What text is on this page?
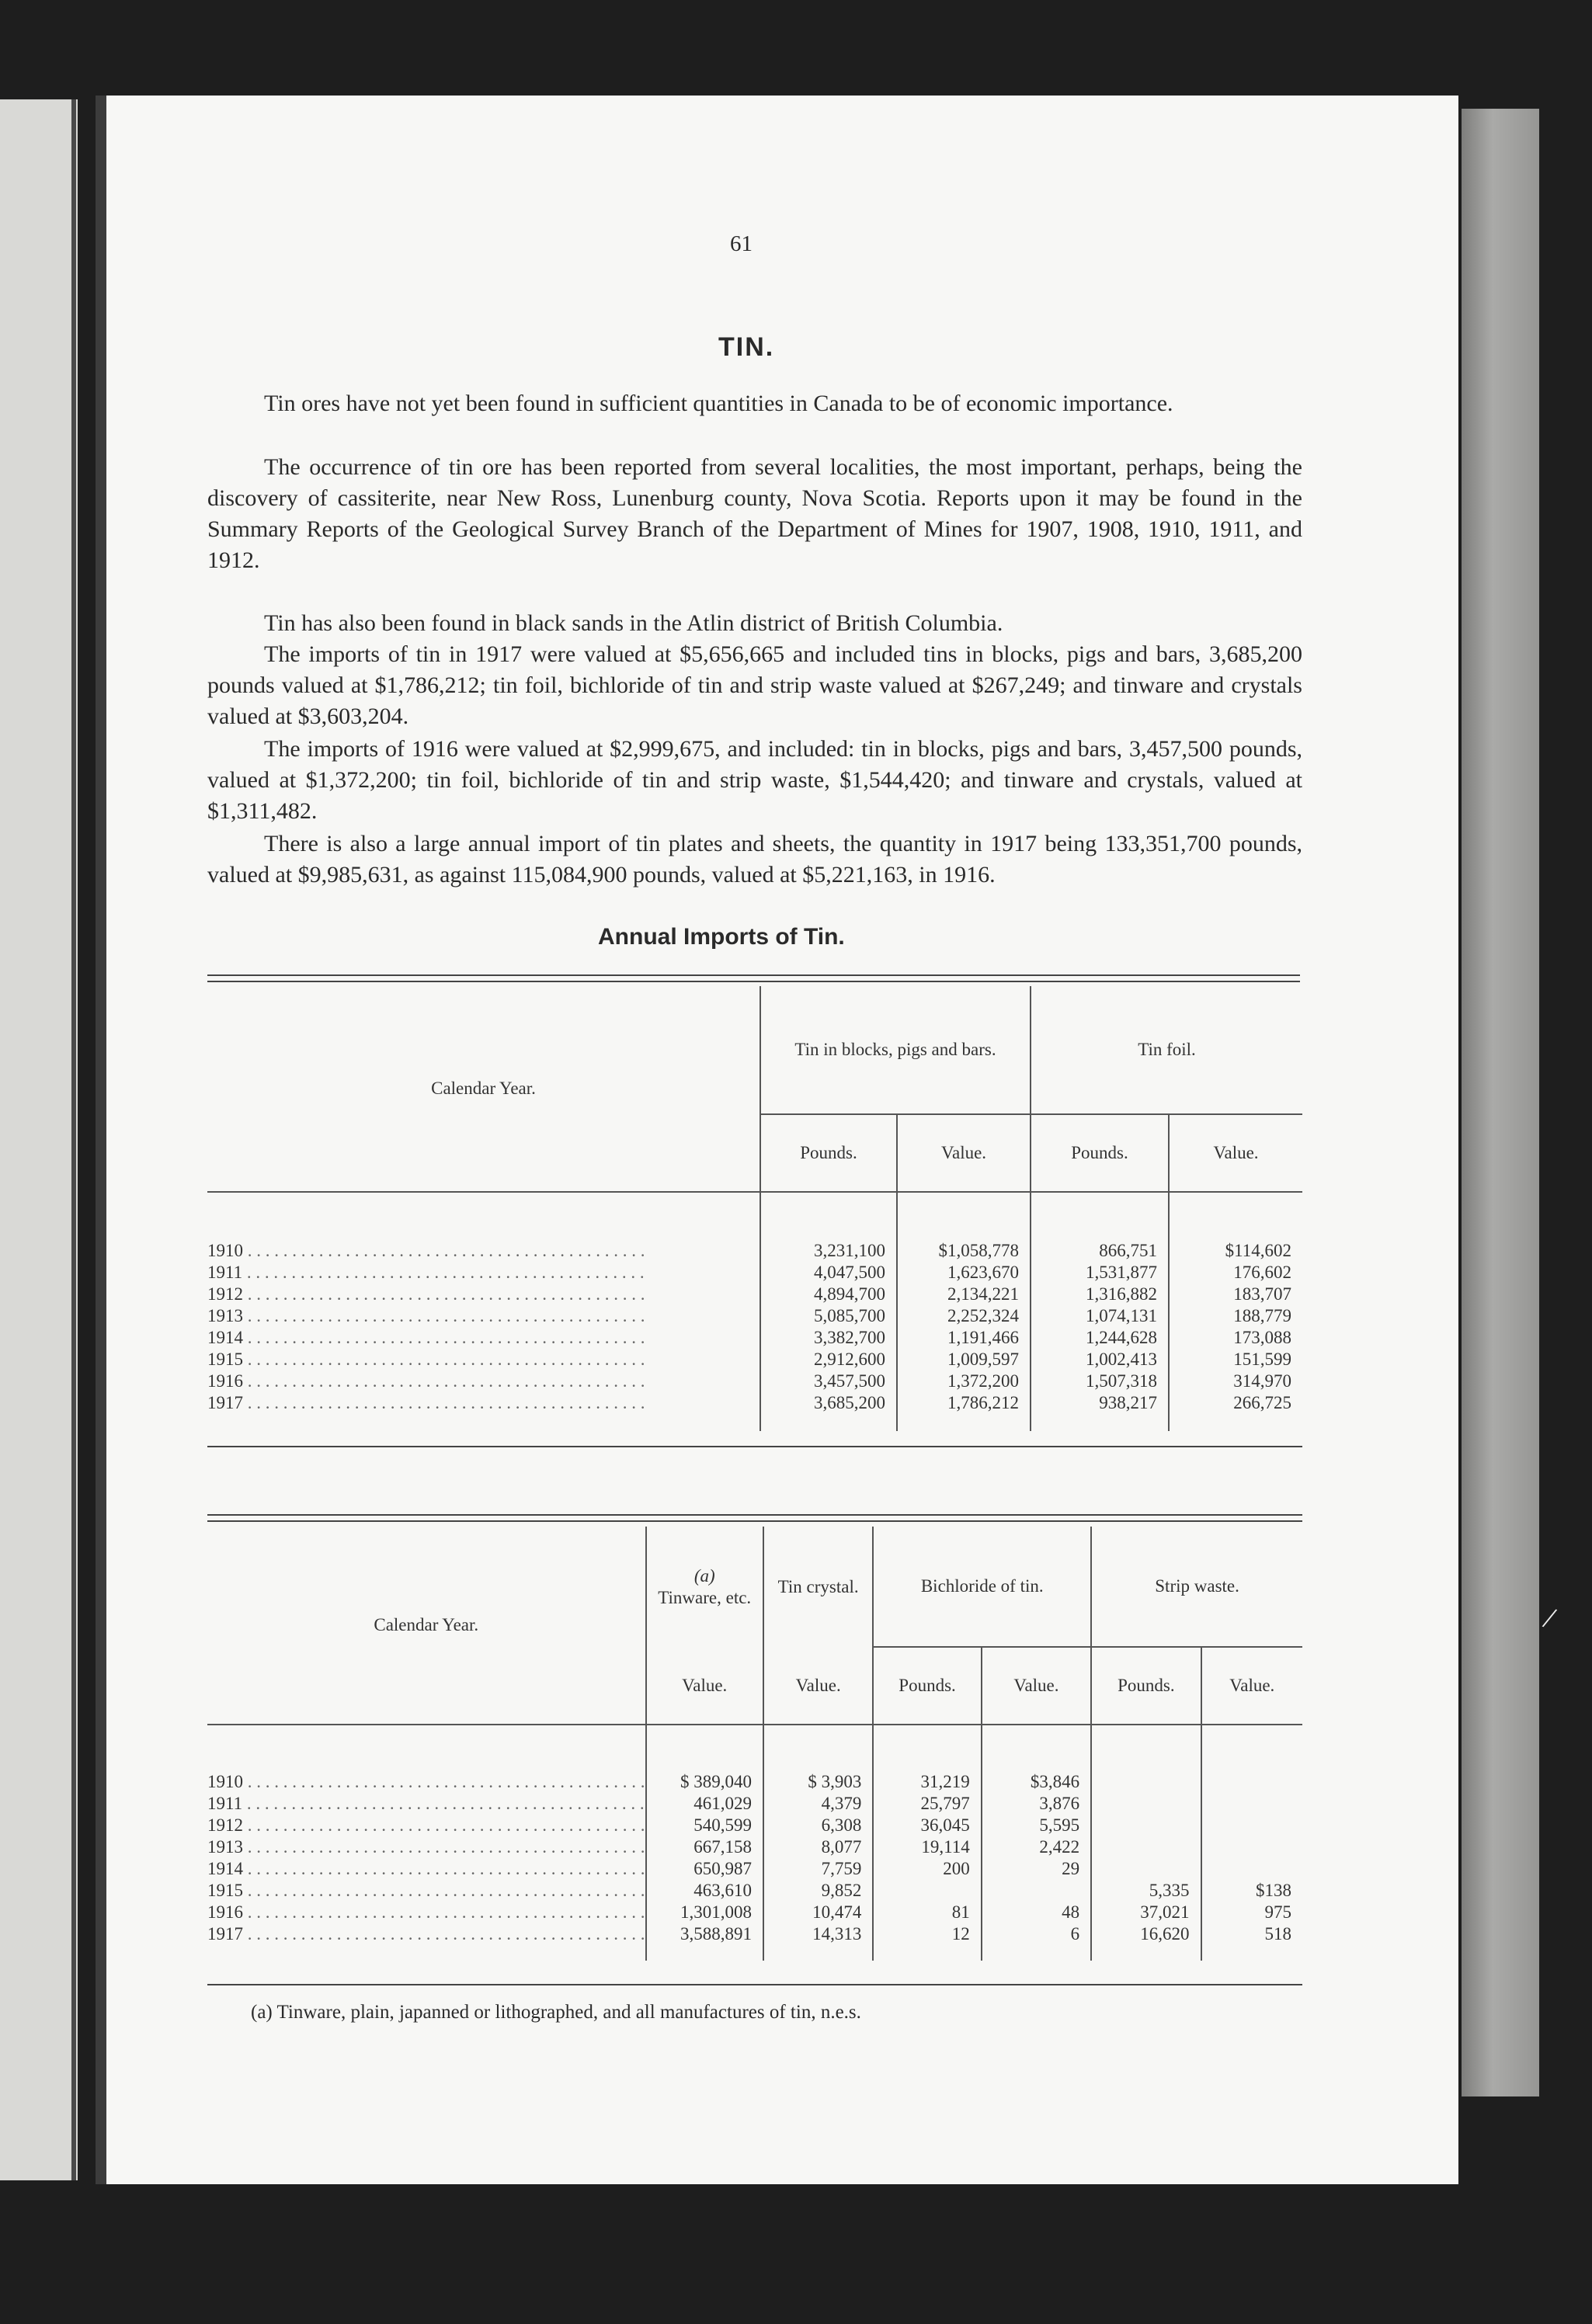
61
TIN.
Tin ores have not yet been found in sufficient quantities in Canada to be of economic importance.
The occurrence of tin ore has been reported from several localities, the most important, perhaps, being the discovery of cassiterite, near New Ross, Lunenburg county, Nova Scotia. Reports upon it may be found in the Summary Reports of the Geological Survey Branch of the Department of Mines for 1907, 1908, 1910, 1911, and 1912.
Tin has also been found in black sands in the Atlin district of British Columbia.
The imports of tin in 1917 were valued at $5,656,665 and included tins in blocks, pigs and bars, 3,685,200 pounds valued at $1,786,212; tin foil, bichloride of tin and strip waste valued at $267,249; and tinware and crystals valued at $3,603,204.
The imports of 1916 were valued at $2,999,675, and included: tin in blocks, pigs and bars, 3,457,500 pounds, valued at $1,372,200; tin foil, bichloride of tin and strip waste, $1,544,420; and tinware and crystals, valued at $1,311,482.
There is also a large annual import of tin plates and sheets, the quantity in 1917 being 133,351,700 pounds, valued at $9,985,631, as against 115,084,900 pounds, valued at $5,221,163, in 1916.
Annual Imports of Tin.
Calendar Year.	Tin in blocks, pigs and bars.		Tin foil.	
	Pounds.	Value.	Pounds.	Value.

1910 . . .	3,231,100	$1,058,778	866,751	$114,602
1911 . . .	4,047,500	1,623,670	1,531,877	176,602
1912 . . .	4,894,700	2,134,221	1,316,882	183,707
1913 . . .	5,085,700	2,252,324	1,074,131	188,779
1914 . . .	3,382,700	1,191,466	1,244,628	173,088
1915 . . .	2,912,600	1,009,597	1,002,413	151,599
1916 . . .	3,457,500	1,372,200	1,507,318	314,970
1917 . . .	3,685,200	1,786,212	938,217	266,725

Calendar Year.	(a)
Tinware, etc.	Tin crystal.	Bichloride of tin.		Strip waste.	
	Value.	Value.	Pounds.	Value.	Pounds.	Value.

1910 . . .	$ 389,040	$ 3,903	31,219	$3,846		
1911 . . .	461,029	4,379	25,797	3,876		
1912 . . .	540,599	6,308	36,045	5,595		
1913 . . .	667,158	8,077	19,114	2,422		
1914 . . .	650,987	7,759	200	29		
1915 . . .	463,610	9,852			5,335	$138
1916 . . .	1,301,008	10,474	81	48	37,021	975
1917 . . .	3,588,891	14,313	12	6	16,620	518

(a) Tinware, plain, japanned or lithographed, and all manufactures of tin, n.e.s.
/
